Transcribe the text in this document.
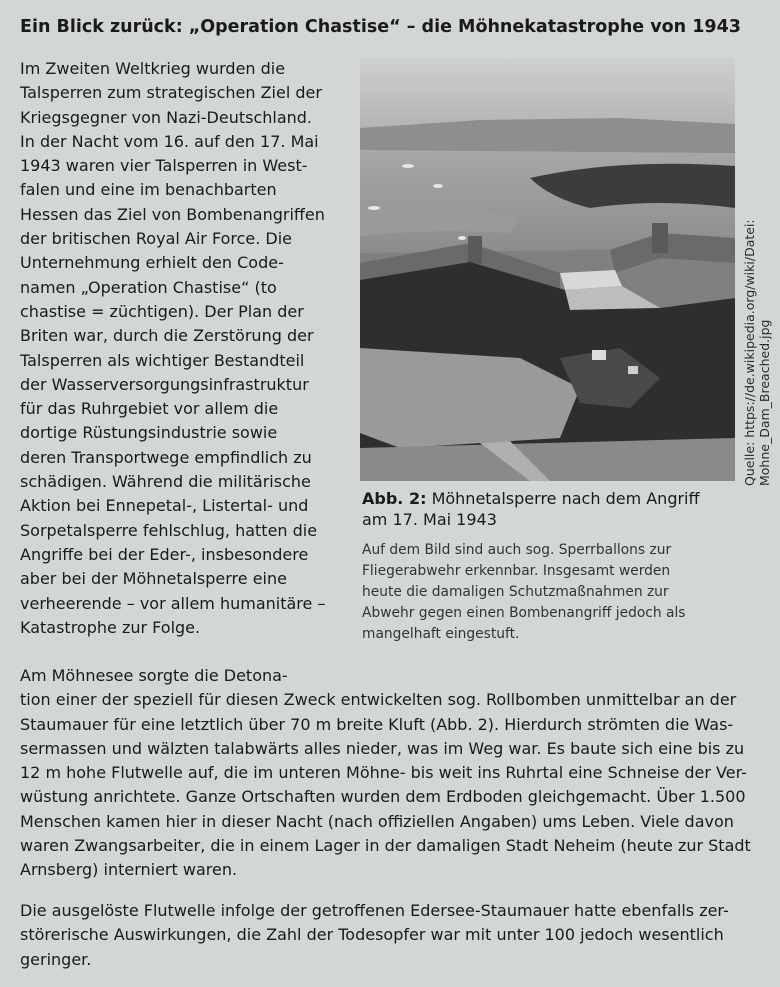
Ein Blick zurück: „Operation Chastise“ – die Möhnekatastrophe von 1943
Im Zweiten Weltkrieg wurden die
Talsperren zum strategischen Ziel der
Kriegsgegner von Nazi-Deutschland.
In der Nacht vom 16. auf den 17. Mai
1943 waren vier Talsperren in West-
falen und eine im benachbarten
Hessen das Ziel von Bombenangriffen
der britischen Royal Air Force. Die
Unternehmung erhielt den Code-
namen „Operation Chastise“ (to
chastise = züchtigen). Der Plan der
Briten war, durch die Zerstörung der
Talsperren als wichtiger Bestandteil
der Wasserversorgungsinfrastruktur
für das Ruhrgebiet vor allem die
dortige Rüstungsindustrie sowie
deren Transportwege empfindlich zu
schädigen. Während die militärische
Aktion bei Ennepetal-, Listertal- und
Sorpetalsperre fehlschlug, hatten die
Angriffe bei der Eder-, insbesondere
aber bei der Möhnetalsperre eine
verheerende – vor allem humanitäre –
Katastrophe zur Folge.
Quelle: https://de.wikipedia.org/wiki/Datei: Mohne_Dam_Breached.jpg
Abb. 2: Möhnetalsperre nach dem Angriff
am 17. Mai 1943
Auf dem Bild sind auch sog. Sperrballons zur
Fliegerabwehr erkennbar. Insgesamt werden
heute die damaligen Schutzmaßnahmen zur
Abwehr gegen einen Bombenangriff jedoch als
mangelhaft eingestuft.
Am Möhnesee sorgte die Detona-
tion einer der speziell für diesen Zweck entwickelten sog. Rollbomben unmittelbar an der
Staumauer für eine letztlich über 70 m breite Kluft (Abb. 2). Hierdurch strömten die Was-
sermassen und wälzten talabwärts alles nieder, was im Weg war. Es baute sich eine bis zu
12 m hohe Flutwelle auf, die im unteren Möhne- bis weit ins Ruhrtal eine Schneise der Ver-
wüstung anrichtete. Ganze Ortschaften wurden dem Erdboden gleichgemacht. Über 1.500
Menschen kamen hier in dieser Nacht (nach offiziellen Angaben) ums Leben. Viele davon
waren Zwangsarbeiter, die in einem Lager in der damaligen Stadt Neheim (heute zur Stadt
Arnsberg) interniert waren.
Die ausgelöste Flutwelle infolge der getroffenen Edersee-Staumauer hatte ebenfalls zer-
störerische Auswirkungen, die Zahl der Todesopfer war mit unter 100 jedoch wesentlich
geringer.
